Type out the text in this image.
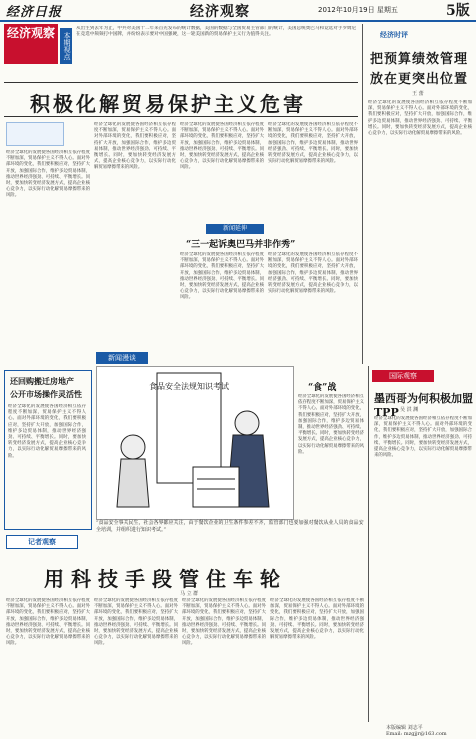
经济日报	经济观察	2012年10月19日 星期五	5版
经济观察	本期视点
从出生到去年为止，中共对美国十二年来首先发布的统计数据，美国的数据与全国贸易主管部门的统计，美国总统奥巴马和竞选对手罗姆尼在竞选中频频打中国牌，并纷纷表示要对中国强硬，这一轮美国新的贸易保护主义行为值得关注。
积极化解贸易保护主义危害
经济全球化的发展使各国经济相互依存程度不断加深，贸易保护主义不得人心。面对外部环境的变化，我们要积极应对，坚持扩大开放，加强国际合作，维护多边贸易体制，推动世界经济强劲、可持续、平衡增长。同时，要加快转变经济发展方式，提高企业核心竞争力，以实际行动化解贸易摩擦带来的风险。
经济全球化的发展使各国经济相互依存程度不断加深，贸易保护主义不得人心。面对外部环境的变化，我们要积极应对，坚持扩大开放，加强国际合作，维护多边贸易体制，推动世界经济强劲、可持续、平衡增长。同时，要加快转变经济发展方式，提高企业核心竞争力，以实际行动化解贸易摩擦带来的风险。
经济全球化的发展使各国经济相互依存程度不断加深，贸易保护主义不得人心。面对外部环境的变化，我们要积极应对，坚持扩大开放，加强国际合作，维护多边贸易体制，推动世界经济强劲、可持续、平衡增长。同时，要加快转变经济发展方式，提高企业核心竞争力，以实际行动化解贸易摩擦带来的风险。
经济全球化的发展使各国经济相互依存程度不断加深，贸易保护主义不得人心。面对外部环境的变化，我们要积极应对，坚持扩大开放，加强国际合作，维护多边贸易体制，推动世界经济强劲、可持续、平衡增长。同时，要加快转变经济发展方式，提高企业核心竞争力，以实际行动化解贸易摩擦带来的风险。
新闻延伸
“三一起诉奥巴马并非作秀”
经济全球化的发展使各国经济相互依存程度不断加深，贸易保护主义不得人心。面对外部环境的变化，我们要积极应对，坚持扩大开放，加强国际合作，维护多边贸易体制，推动世界经济强劲、可持续、平衡增长。同时，要加快转变经济发展方式，提高企业核心竞争力，以实际行动化解贸易摩擦带来的风险。
经济全球化的发展使各国经济相互依存程度不断加深，贸易保护主义不得人心。面对外部环境的变化，我们要积极应对，坚持扩大开放，加强国际合作，维护多边贸易体制，推动世界经济强劲、可持续、平衡增长。同时，要加快转变经济发展方式，提高企业核心竞争力，以实际行动化解贸易摩擦带来的风险。
经济时评
把预算绩效管理
放在更突出位置
王 蕾
经济全球化的发展使各国经济相互依存程度不断加深，贸易保护主义不得人心。面对外部环境的变化，我们要积极应对，坚持扩大开放，加强国际合作，维护多边贸易体制，推动世界经济强劲、可持续、平衡增长。同时，要加快转变经济发展方式，提高企业核心竞争力，以实际行动化解贸易摩擦带来的风险。
还回购搬迁房地产
公开市场操作灵活性
经济全球化的发展使各国经济相互依存程度不断加深，贸易保护主义不得人心。面对外部环境的变化，我们要积极应对，坚持扩大开放，加强国际合作，维护多边贸易体制，推动世界经济强劲、可持续、平衡增长。同时，要加快转变经济发展方式，提高企业核心竞争力，以实际行动化解贸易摩擦带来的风险。
新闻漫谈
食品安全法规知识考试
“食品安全事关民生，社会各界都应关注，由于餐饮企业的卫生条件参差不齐，监管部门也要加强对餐饮从业人员的食品安全培训，并组织进行知识考试。”
“食”战
经济全球化的发展使各国经济相互依存程度不断加深，贸易保护主义不得人心。面对外部环境的变化，我们要积极应对，坚持扩大开放，加强国际合作，维护多边贸易体制，推动世界经济强劲、可持续、平衡增长。同时，要加快转变经济发展方式，提高企业核心竞争力，以实际行动化解贸易摩擦带来的风险。
国际观察
墨西哥为何积极加盟TPP 吴 洪 渊
经济全球化的发展使各国经济相互依存程度不断加深，贸易保护主义不得人心。面对外部环境的变化，我们要积极应对，坚持扩大开放，加强国际合作，维护多边贸易体制，推动世界经济强劲、可持续、平衡增长。同时，要加快转变经济发展方式，提高企业核心竞争力，以实际行动化解贸易摩擦带来的风险。
记者观察
用科技手段管住车轮
马 立 群
经济全球化的发展使各国经济相互依存程度不断加深，贸易保护主义不得人心。面对外部环境的变化，我们要积极应对，坚持扩大开放，加强国际合作，维护多边贸易体制，推动世界经济强劲、可持续、平衡增长。同时，要加快转变经济发展方式，提高企业核心竞争力，以实际行动化解贸易摩擦带来的风险。
经济全球化的发展使各国经济相互依存程度不断加深，贸易保护主义不得人心。面对外部环境的变化，我们要积极应对，坚持扩大开放，加强国际合作，维护多边贸易体制，推动世界经济强劲、可持续、平衡增长。同时，要加快转变经济发展方式，提高企业核心竞争力，以实际行动化解贸易摩擦带来的风险。
经济全球化的发展使各国经济相互依存程度不断加深，贸易保护主义不得人心。面对外部环境的变化，我们要积极应对，坚持扩大开放，加强国际合作，维护多边贸易体制，推动世界经济强劲、可持续、平衡增长。同时，要加快转变经济发展方式，提高企业核心竞争力，以实际行动化解贸易摩擦带来的风险。
经济全球化的发展使各国经济相互依存程度不断加深，贸易保护主义不得人心。面对外部环境的变化，我们要积极应对，坚持扩大开放，加强国际合作，维护多边贸易体制，推动世界经济强劲、可持续、平衡增长。同时，要加快转变经济发展方式，提高企业核心竞争力，以实际行动化解贸易摩擦带来的风险。
本版编辑 刘志平
Email: mzgjjr@163.com
